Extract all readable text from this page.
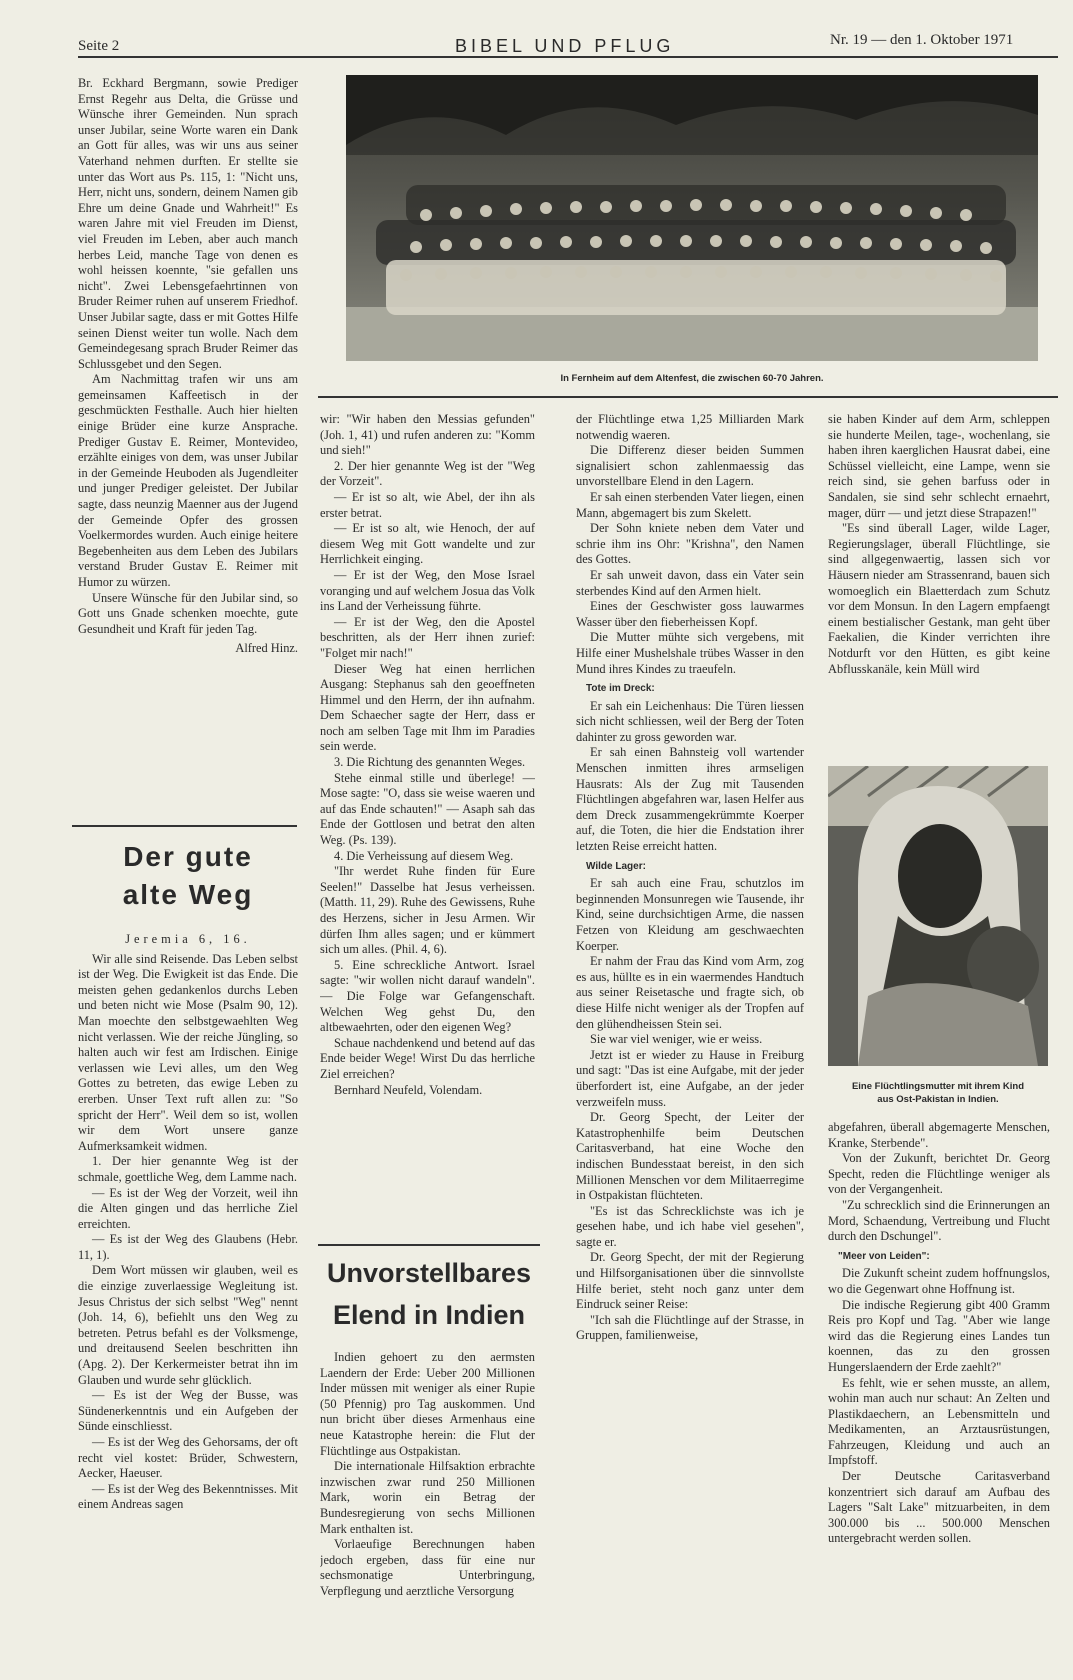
Seite 2	BIBEL UND PFLUG	Nr. 19 — den 1. Oktober 1971

Br. Eckhard Bergmann, sowie Prediger Ernst Regehr aus Delta, die Grüsse und Wünsche ihrer Gemeinden. Nun sprach unser Jubilar, seine Worte waren ein Dank an Gott für alles, was wir uns aus seiner Vaterhand nehmen durften. Er stellte sie unter das Wort aus Ps. 115, 1: "Nicht uns, Herr, nicht uns, sondern, deinem Namen gib Ehre um deine Gnade und Wahrheit!" Es waren Jahre mit viel Freuden im Dienst, viel Freuden im Leben, aber auch manch herbes Leid, manche Tage von denen es wohl heissen koennte, "sie gefallen uns nicht". Zwei Lebensgefaehrtinnen von Bruder Reimer ruhen auf unserem Friedhof. Unser Jubilar sagte, dass er mit Gottes Hilfe seinen Dienst weiter tun wolle. Nach dem Gemeindegesang sprach Bruder Reimer das Schlussgebet und den Segen.

Am Nachmittag trafen wir uns am gemeinsamen Kaffeetisch in der geschmückten Festhalle. Auch hier hielten einige Brüder eine kurze Ansprache. Prediger Gustav E. Reimer, Montevideo, erzählte einiges von dem, was unser Jubilar in der Gemeinde Heuboden als Jugendleiter und junger Prediger geleistet. Der Jubilar sagte, dass neunzig Maenner aus der Jugend der Gemeinde Opfer des grossen Voelkermordes wurden. Auch einige heitere Begebenheiten aus dem Leben des Jubilars verstand Bruder Gustav E. Reimer mit Humor zu würzen.

Unsere Wünsche für den Jubilar sind, so Gott uns Gnade schenken moechte, gute Gesundheit und Kraft für jeden Tag.

Alfred Hinz.

Der gute
alte Weg

Jeremia 6, 16.

Wir alle sind Reisende. Das Leben selbst ist der Weg. Die Ewigkeit ist das Ende. Die meisten gehen gedankenlos durchs Leben und beten nicht wie Mose (Psalm 90, 12). Man moechte den selbstgewaehlten Weg nicht verlassen. Wie der reiche Jüngling, so halten auch wir fest am Irdischen. Einige verlassen wie Levi alles, um den Weg Gottes zu betreten, das ewige Leben zu ererben. Unser Text ruft allen zu: "So spricht der Herr". Weil dem so ist, wollen wir dem Wort unsere ganze Aufmerksamkeit widmen.

1. Der hier genannte Weg ist der schmale, goettliche Weg, dem Lamme nach.

— Es ist der Weg der Vorzeit, weil ihn die Alten gingen und das herrliche Ziel erreichten.

— Es ist der Weg des Glaubens (Hebr. 11, 1).

Dem Wort müssen wir glauben, weil es die einzige zuverlaessige Wegleitung ist. Jesus Christus der sich selbst "Weg" nennt (Joh. 14, 6), befiehlt uns den Weg zu betreten. Petrus befahl es der Volksmenge, und dreitausend Seelen beschritten ihn (Apg. 2). Der Kerkermeister betrat ihn im Glauben und wurde sehr glücklich.

— Es ist der Weg der Busse, was Sündenerkenntnis und ein Aufgeben der Sünde einschliesst.

— Es ist der Weg des Gehorsams, der oft recht viel kostet: Brüder, Schwestern, Aecker, Haeuser.

— Es ist der Weg des Bekenntnisses. Mit einem Andreas sagen

In Fernheim auf dem Altenfest, die zwischen 60-70 Jahren.

wir: "Wir haben den Messias gefunden" (Joh. 1, 41) und rufen anderen zu: "Komm und sieh!"

2. Der hier genannte Weg ist der "Weg der Vorzeit".

— Er ist so alt, wie Abel, der ihn als erster betrat.

— Er ist so alt, wie Henoch, der auf diesem Weg mit Gott wandelte und zur Herrlichkeit einging.

— Er ist der Weg, den Mose Israel voranging und auf welchem Josua das Volk ins Land der Verheissung führte.

— Er ist der Weg, den die Apostel beschritten, als der Herr ihnen zurief: "Folget mir nach!"

Dieser Weg hat einen herrlichen Ausgang: Stephanus sah den geoeffneten Himmel und den Herrn, der ihn aufnahm. Dem Schaecher sagte der Herr, dass er noch am selben Tage mit Ihm im Paradies sein werde.

3. Die Richtung des genannten Weges.

Stehe einmal stille und überlege! — Mose sagte: "O, dass sie weise waeren und auf das Ende schauten!" — Asaph sah das Ende der Gottlosen und betrat den alten Weg. (Ps. 139).

4. Die Verheissung auf diesem Weg.

"Ihr werdet Ruhe finden für Eure Seelen!" Dasselbe hat Jesus verheissen. (Matth. 11, 29). Ruhe des Gewissens, Ruhe des Herzens, sicher in Jesu Armen. Wir dürfen Ihm alles sagen; und er kümmert sich um alles. (Phil. 4, 6).

5. Eine schreckliche Antwort. Israel sagte: "wir wollen nicht darauf wandeln". — Die Folge war Gefangenschaft. Welchen Weg gehst Du, den altbewaehrten, oder den eigenen Weg?

Schaue nachdenkend und betend auf das Ende beider Wege! Wirst Du das herrliche Ziel erreichen?

Bernhard Neufeld, Volendam.

Unvorstellbares
Elend in Indien

Indien gehoert zu den aermsten Laendern der Erde: Ueber 200 Millionen Inder müssen mit weniger als einer Rupie (50 Pfennig) pro Tag auskommen. Und nun bricht über dieses Armenhaus eine neue Katastrophe herein: die Flut der Flüchtlinge aus Ostpakistan.

Die internationale Hilfsaktion erbrachte inzwischen zwar rund 250 Millionen Mark, worin ein Betrag der Bundesregierung von sechs Millionen Mark enthalten ist.

Vorlaeufige Berechnungen haben jedoch ergeben, dass für eine nur sechsmonatige Unterbringung, Verpflegung und aerztliche Versorgung

der Flüchtlinge etwa 1,25 Milliarden Mark notwendig waeren.

Die Differenz dieser beiden Summen signalisiert schon zahlenmaessig das unvorstellbare Elend in den Lagern.

Er sah einen sterbenden Vater liegen, einen Mann, abgemagert bis zum Skelett.

Der Sohn kniete neben dem Vater und schrie ihm ins Ohr: "Krishna", den Namen des Gottes.

Er sah unweit davon, dass ein Vater sein sterbendes Kind auf den Armen hielt.

Eines der Geschwister goss lauwarmes Wasser über den fieberheissen Kopf.

Die Mutter mühte sich vergebens, mit Hilfe einer Mushelshale trübes Wasser in den Mund ihres Kindes zu traeufeln.

Tote im Dreck:

Er sah ein Leichenhaus: Die Türen liessen sich nicht schliessen, weil der Berg der Toten dahinter zu gross geworden war.

Er sah einen Bahnsteig voll wartender Menschen inmitten ihres armseligen Hausrats: Als der Zug mit Tausenden Flüchtlingen abgefahren war, lasen Helfer aus dem Dreck zusammengekrümmte Koerper auf, die Toten, die hier die Endstation ihrer letzten Reise erreicht hatten.

Wilde Lager:

Er sah auch eine Frau, schutzlos im beginnenden Monsunregen wie Tausende, ihr Kind, seine durchsichtigen Arme, die nassen Fetzen von Kleidung am geschwaechten Koerper.

Er nahm der Frau das Kind vom Arm, zog es aus, hüllte es in ein waermendes Handtuch aus seiner Reisetasche und fragte sich, ob diese Hilfe nicht weniger als der Tropfen auf den glühendheissen Stein sei.

Sie war viel weniger, wie er weiss.

Jetzt ist er wieder zu Hause in Freiburg und sagt: "Das ist eine Aufgabe, mit der jeder überfordert ist, eine Aufgabe, an der jeder verzweifeln muss.

Dr. Georg Specht, der Leiter der Katastrophenhilfe beim Deutschen Caritasverband, hat eine Woche den indischen Bundesstaat bereist, in den sich Millionen Menschen vor dem Militaerregime in Ostpakistan flüchteten.

"Es ist das Schrecklichste was ich je gesehen habe, und ich habe viel gesehen", sagte er.

Dr. Georg Specht, der mit der Regierung und Hilfsorganisationen über die sinnvollste Hilfe beriet, steht noch ganz unter dem Eindruck seiner Reise:

"Ich sah die Flüchtlinge auf der Strasse, in Gruppen, familienweise,

sie haben Kinder auf dem Arm, schleppen sie hunderte Meilen, tage-, wochenlang, sie haben ihren kaerglichen Hausrat dabei, eine Schüssel vielleicht, eine Lampe, wenn sie reich sind, sie gehen barfuss oder in Sandalen, sie sind sehr schlecht ernaehrt, mager, dürr — und jetzt diese Strapazen!"

"Es sind überall Lager, wilde Lager, Regierungslager, überall Flüchtlinge, sie sind allgegenwaertig, lassen sich vor Häusern nieder am Strassenrand, bauen sich womoeglich ein Blaetterdach zum Schutz vor dem Monsun. In den Lagern empfaengt einem bestialischer Gestank, man geht über Faekalien, die Kinder verrichten ihre Notdurft vor den Hütten, es gibt keine Abflusskanäle, kein Müll wird

Eine Flüchtlingsmutter mit ihrem Kind
aus Ost-Pakistan in Indien.

abgefahren, überall abgemagerte Menschen, Kranke, Sterbende".

Von der Zukunft, berichtet Dr. Georg Specht, reden die Flüchtlinge weniger als von der Vergangenheit.

"Zu schrecklich sind die Erinnerungen an Mord, Schaendung, Vertreibung und Flucht durch den Dschungel".

"Meer von Leiden":

Die Zukunft scheint zudem hoffnungslos, wo die Gegenwart ohne Hoffnung ist.

Die indische Regierung gibt 400 Gramm Reis pro Kopf und Tag. "Aber wie lange wird das die Regierung eines Landes tun koennen, das zu den grossen Hungerslaendern der Erde zaehlt?"

Es fehlt, wie er sehen musste, an allem, wohin man auch nur schaut: An Zelten und Plastikdaechern, an Lebensmitteln und Medikamenten, an Arztausrüstungen, Fahrzeugen, Kleidung und auch an Impfstoff.

Der Deutsche Caritasverband konzentriert sich darauf am Aufbau des Lagers "Salt Lake" mitzuarbeiten, in dem 300.000 bis ... 500.000 Menschen untergebracht werden sollen.
